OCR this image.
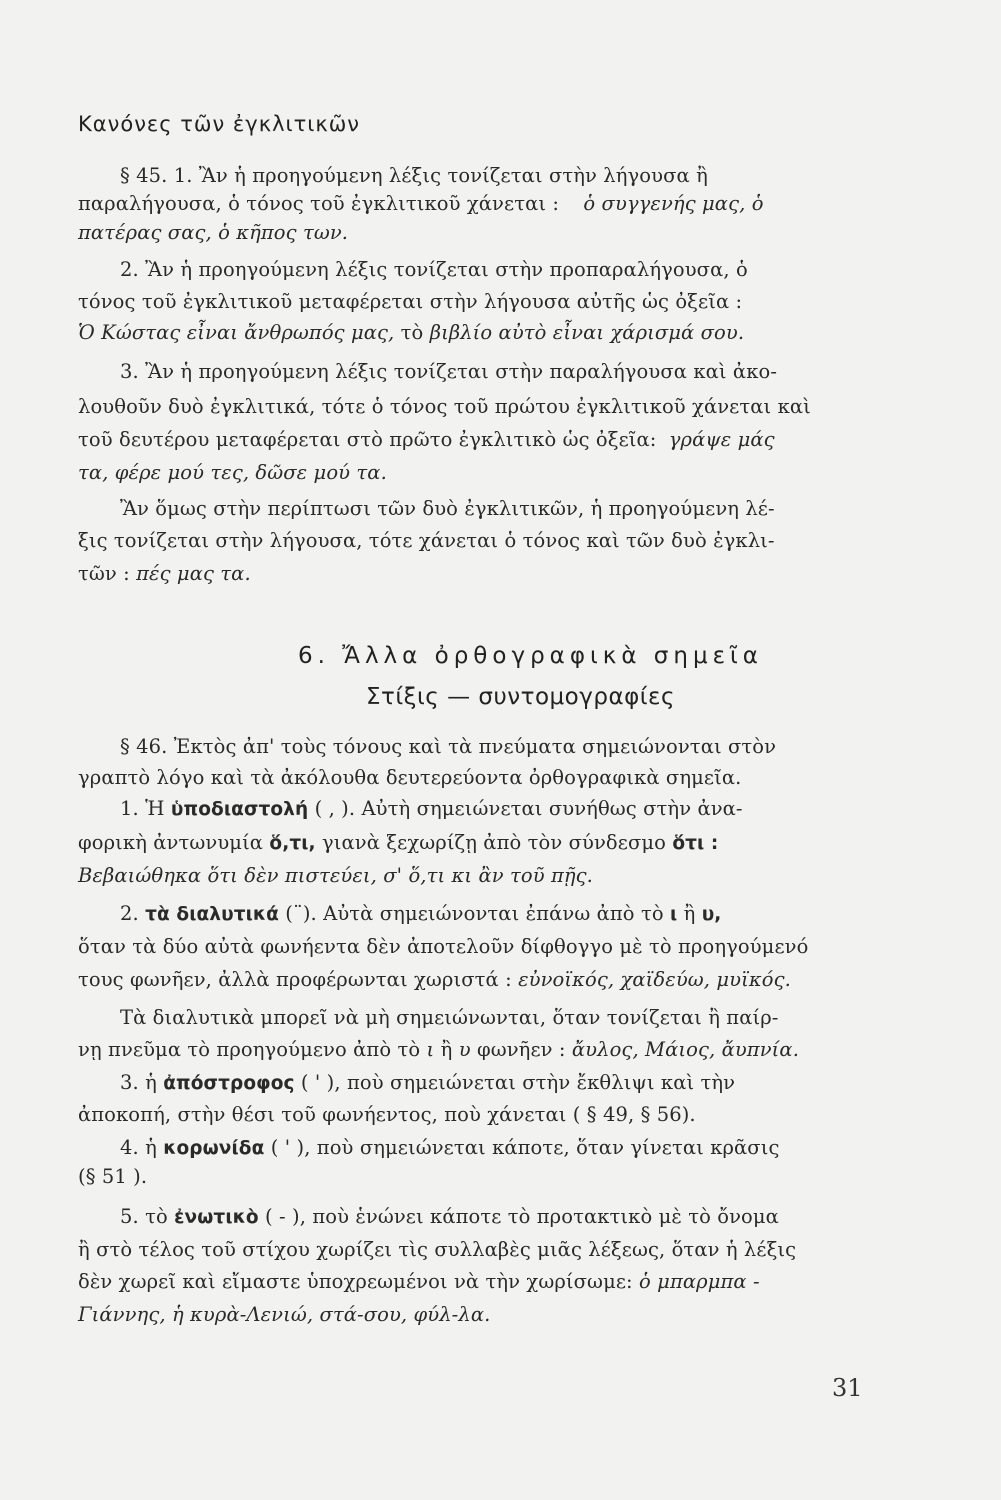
Κανόνες τῶν ἐγκλιτικῶν
§ 45. 1. Ἂν ἡ προηγούμενη λέξις τονίζεται στὴν λήγουσα ἢ
παραλήγουσα, ὁ τόνος τοῦ ἐγκλιτικοῦ χάνεται : ὁ συγγενής μας, ὁ
πατέρας σας, ὁ κῆπος των.
2. Ἂν ἡ προηγούμενη λέξις τονίζεται στὴν προπαραλήγουσα, ὁ
τόνος τοῦ ἐγκλιτικοῦ μεταφέρεται στὴν λήγουσα αὐτῆς ὡς ὀξεῖα :
Ὁ Κώστας εἶναι ἄνθρωπός μας, τὸ βιβλίο αὐτὸ εἶναι χάρισμά σου.
3. Ἂν ἡ προηγούμενη λέξις τονίζεται στὴν παραλήγουσα καὶ ἀκο-
λουθοῦν δυὸ ἐγκλιτικά, τότε ὁ τόνος τοῦ πρώτου ἐγκλιτικοῦ χάνεται καὶ
τοῦ δευτέρου μεταφέρεται στὸ πρῶτο ἐγκλιτικὸ ὡς ὀξεῖα: γράψε μάς
τα, φέρε μού τες, δῶσε μού τα.
Ἂν ὅμως στὴν περίπτωσι τῶν δυὸ ἐγκλιτικῶν, ἡ προηγούμενη λέ-
ξις τονίζεται στὴν λήγουσα, τότε χάνεται ὁ τόνος καὶ τῶν δυὸ ἐγκλι-
τῶν : πές μας τα.
6. Ἄλλα ὀρθογραφικὰ σημεῖα
Στίξις — συντομογραφίες
§ 46. Ἐκτὸς ἀπ' τοὺς τόνους καὶ τὰ πνεύματα σημειώνονται στὸν
γραπτὸ λόγο καὶ τὰ ἀκόλουθα δευτερεύοντα ὀρθογραφικὰ σημεῖα.
1. Ἡ ὑποδιαστολή ( , ). Αὐτὴ σημειώνεται συνήθως στὴν ἀνα-
φορικὴ ἀντωνυμία ὅ,τι, γιανὰ ξεχωρίζῃ ἀπὸ τὸν σύνδεσμο ὅτι :
Βεβαιώθηκα ὅτι δὲν πιστεύει, σ' ὅ,τι κι ἂν τοῦ πῇς.
2. τὰ διαλυτικά (¨). Αὐτὰ σημειώνονται ἐπάνω ἀπὸ τὸ ι ἢ υ,
ὅταν τὰ δύο αὐτὰ φωνήεντα δὲν ἀποτελοῦν δίφθογγο μὲ τὸ προηγούμενό
τους φωνῆεν, ἀλλὰ προφέρωνται χωριστά : εὐνοϊκός, χαϊδεύω, μυϊκός.
Τὰ διαλυτικὰ μπορεῖ νὰ μὴ σημειώνωνται, ὅταν τονίζεται ἢ παίρ-
νῃ πνεῦμα τὸ προηγούμενο ἀπὸ τὸ ι ἢ υ φωνῆεν : ἄυλος, Μάιος, ἄυπνία.
3. ἡ ἀπόστροφος ( ' ), ποὺ σημειώνεται στὴν ἔκθλιψι καὶ τὴν
ἀποκοπή, στὴν θέσι τοῦ φωνήεντος, ποὺ χάνεται ( § 49, § 56).
4. ἡ κορωνίδα ( ' ), ποὺ σημειώνεται κάποτε, ὅταν γίνεται κρᾶσις
(§ 51 ).
5. τὸ ἐνωτικὸ ( - ), ποὺ ἑνώνει κάποτε τὸ προτακτικὸ μὲ τὸ ὄνομα
ἢ στὸ τέλος τοῦ στίχου χωρίζει τὶς συλλαβὲς μιᾶς λέξεως, ὅταν ἡ λέξις
δὲν χωρεῖ καὶ εἴμαστε ὑποχρεωμένοι νὰ τὴν χωρίσωμε: ὁ μπαρμπα -
Γιάννης, ἡ κυρὰ-Λενιώ, στά-σου, φύλ-λα.
31
